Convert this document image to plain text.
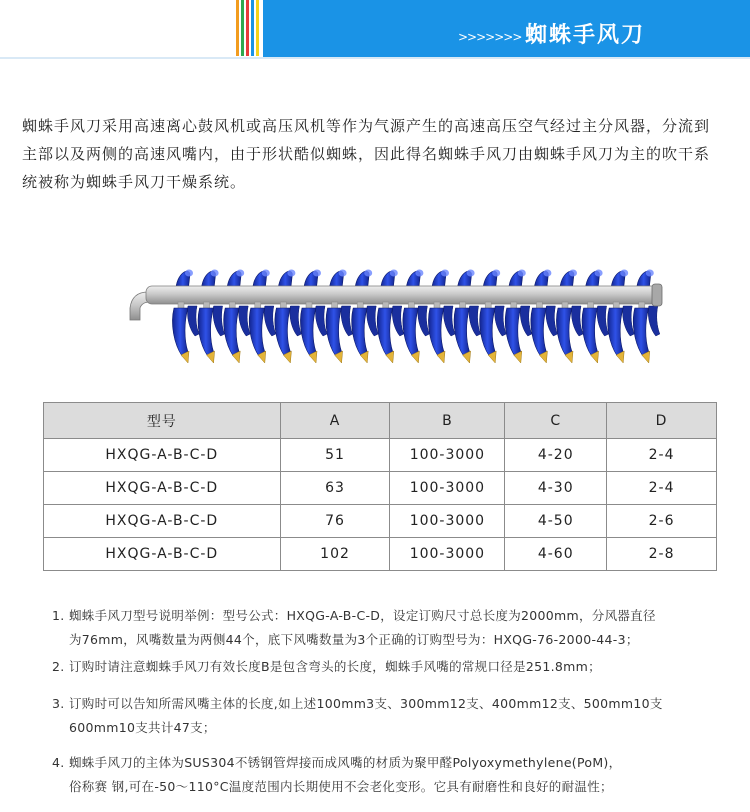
>>>>>>> 蜘蛛手风刀

蜘蛛手风刀采用高速离心鼓风机或高压风机等作为气源产生的高速高压空气经过主分风器，分流到主部以及两侧的高速风嘴内，由于形状酷似蜘蛛，因此得名蜘蛛手风刀由蜘蛛手风刀为主的吹干系统被称为蜘蛛手风刀干燥系统。

型号	A	B	C	D
HXQG-A-B-C-D	51	100-3000	4-20	2-4
HXQG-A-B-C-D	63	100-3000	4-30	2-4
HXQG-A-B-C-D	76	100-3000	4-50	2-6
HXQG-A-B-C-D	102	100-3000	4-60	2-8
1. 蜘蛛手风刀型号说明举例：型号公式：HXQG-A-B-C-D，设定订购尺寸总长度为2000mm，分风器直径
为76mm，风嘴数量为两侧44个，底下风嘴数量为3个正确的订购型号为：HXQG-76-2000-44-3；
2. 订购时请注意蜘蛛手风刀有效长度B是包含弯头的长度，蜘蛛手风嘴的常规口径是251.8mm；
3. 订购时可以告知所需风嘴主体的长度,如上述100mm3支、300mm12支、400mm12支、500mm10支
600mm10支共计47支；
4. 蜘蛛手风刀的主体为SUS304不锈钢管焊接而成风嘴的材质为聚甲醛Polyoxymethylene(PoM)，
俗称赛 钢,可在-50～110°C温度范围内长期使用不会老化变形。它具有耐磨性和良好的耐温性；
